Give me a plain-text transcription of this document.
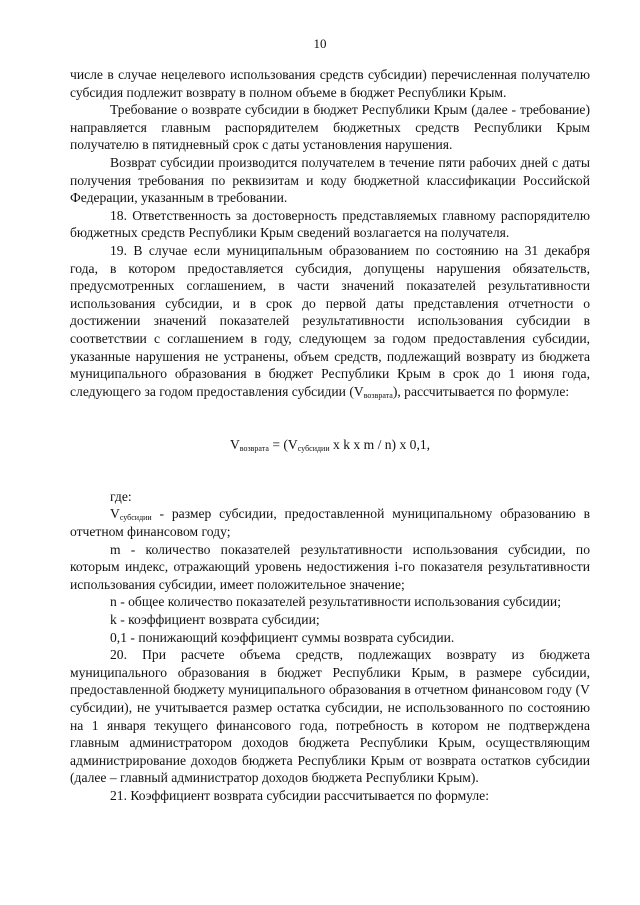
10

числе в случае нецелевого использования средств субсидии) перечисленная получателю субсидия подлежит возврату в полном объеме в бюджет Республики Крым.

Требование о возврате субсидии в бюджет Республики Крым (далее - требование) направляется главным распорядителем бюджетных средств Республики Крым получателю в пятидневный срок с даты установления нарушения.

Возврат субсидии производится получателем в течение пяти рабочих дней с даты получения требования по реквизитам и коду бюджетной классификации Российской Федерации, указанным в требовании.

18. Ответственность за достоверность представляемых главному распорядителю бюджетных средств Республики Крым сведений возлагается на получателя.

19. В случае если муниципальным образованием по состоянию на 31 декабря года, в котором предоставляется субсидия, допущены нарушения обязательств, предусмотренных соглашением, в части значений показателей результативности использования субсидии, и в срок до первой даты представления отчетности о достижении значений показателей результативности использования субсидии в соответствии с соглашением в году, следующем за годом предоставления субсидии, указанные нарушения не устранены, объем средств, подлежащий возврату из бюджета муниципального образования в бюджет Республики Крым в срок до 1 июня года, следующего за годом предоставления субсидии $(V_{возврата})$, рассчитывается по формуле:

$V_{возврата} = (V_{субсидии}$ x k x m / n) x 0,1,

где:

$V_{субсидии}$ - размер субсидии, предоставленной муниципальному образованию в отчетном финансовом году;

m - количество показателей результативности использования субсидии, по которым индекс, отражающий уровень недостижения i-го показателя результативности использования субсидии, имеет положительное значение;

n - общее количество показателей результативности использования субсидии;

k - коэффициент возврата субсидии;

0,1 - понижающий коэффициент суммы возврата субсидии.

20. При расчете объема средств, подлежащих возврату из бюджета муниципального образования в бюджет Республики Крым, в размере субсидии, предоставленной бюджету муниципального образования в отчетном финансовом году (V субсидии), не учитывается размер остатка субсидии, не использованного по состоянию на 1 января текущего финансового года, потребность в котором не подтверждена главным администратором доходов бюджета Республики Крым, осуществляющим администрирование доходов бюджета Республики Крым от возврата остатков субсидии (далее – главный администратор доходов бюджета Республики Крым).

21. Коэффициент возврата субсидии рассчитывается по формуле:
